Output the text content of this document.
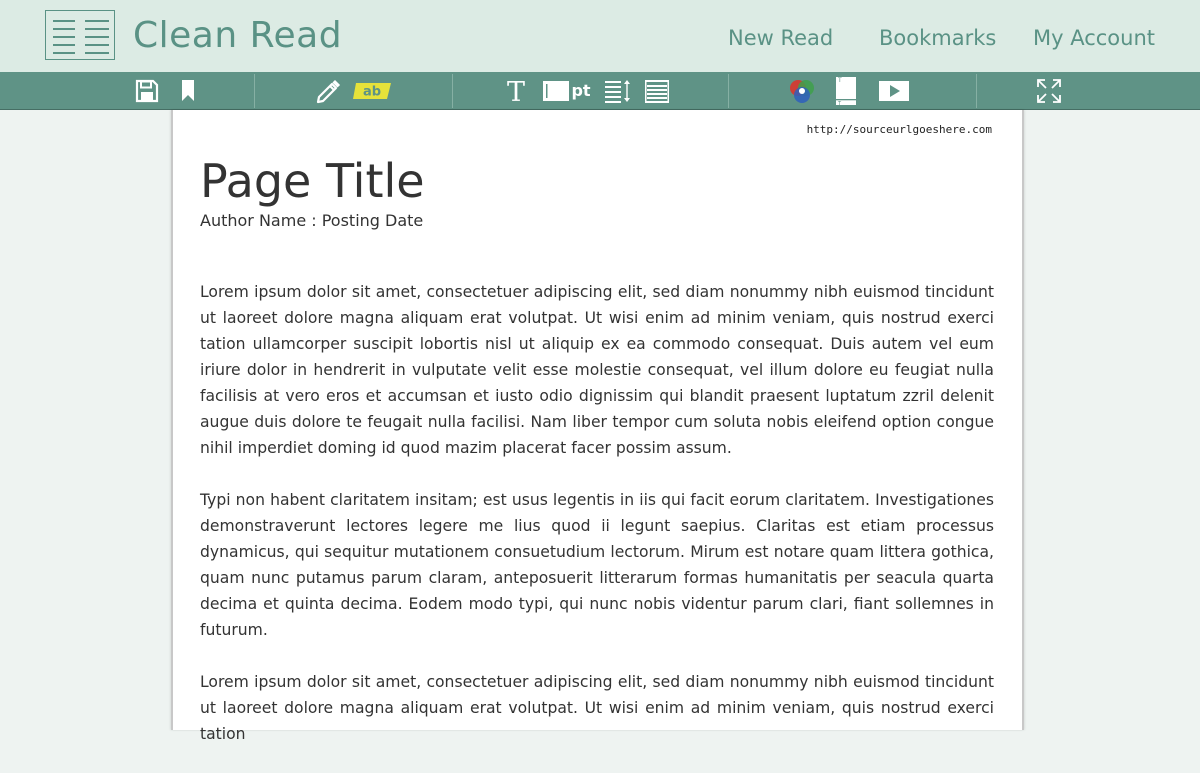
Clean Read	New Read Bookmarks My Account
ab	T	pt
T
T
http://sourceurlgoeshere.com
Page Title
Author Name : Posting Date

Lorem ipsum dolor sit amet, consectetuer adipiscing elit, sed diam nonummy nibh euismod tincidunt ut laoreet dolore magna aliquam erat volutpat. Ut wisi enim ad minim veniam, quis nostrud exerci tation ullamcorper suscipit lobortis nisl ut aliquip ex ea commodo consequat. Duis autem vel eum iriure dolor in hendrerit in vulputate velit esse molestie consequat, vel illum dolore eu feugiat nulla facilisis at vero eros et accumsan et iusto odio dignissim qui blandit praesent luptatum zzril delenit augue duis dolore te feugait nulla facilisi. Nam liber tempor cum soluta nobis eleifend option congue nihil imperdiet doming id quod mazim placerat facer possim assum.

Typi non habent claritatem insitam; est usus legentis in iis qui facit eorum claritatem. Investigationes demonstraverunt lectores legere me lius quod ii legunt saepius. Claritas est etiam processus dynamicus, qui sequitur mutationem consuetudium lectorum. Mirum est notare quam littera gothica, quam nunc putamus parum claram, anteposuerit litterarum formas humanitatis per seacula quarta decima et quinta decima. Eodem modo typi, qui nunc nobis videntur parum clari, fiant sollemnes in futurum.

Lorem ipsum dolor sit amet, consectetuer adipiscing elit, sed diam nonummy nibh euismod tincidunt ut laoreet dolore magna aliquam erat volutpat. Ut wisi enim ad minim veniam, quis nostrud exerci tation
